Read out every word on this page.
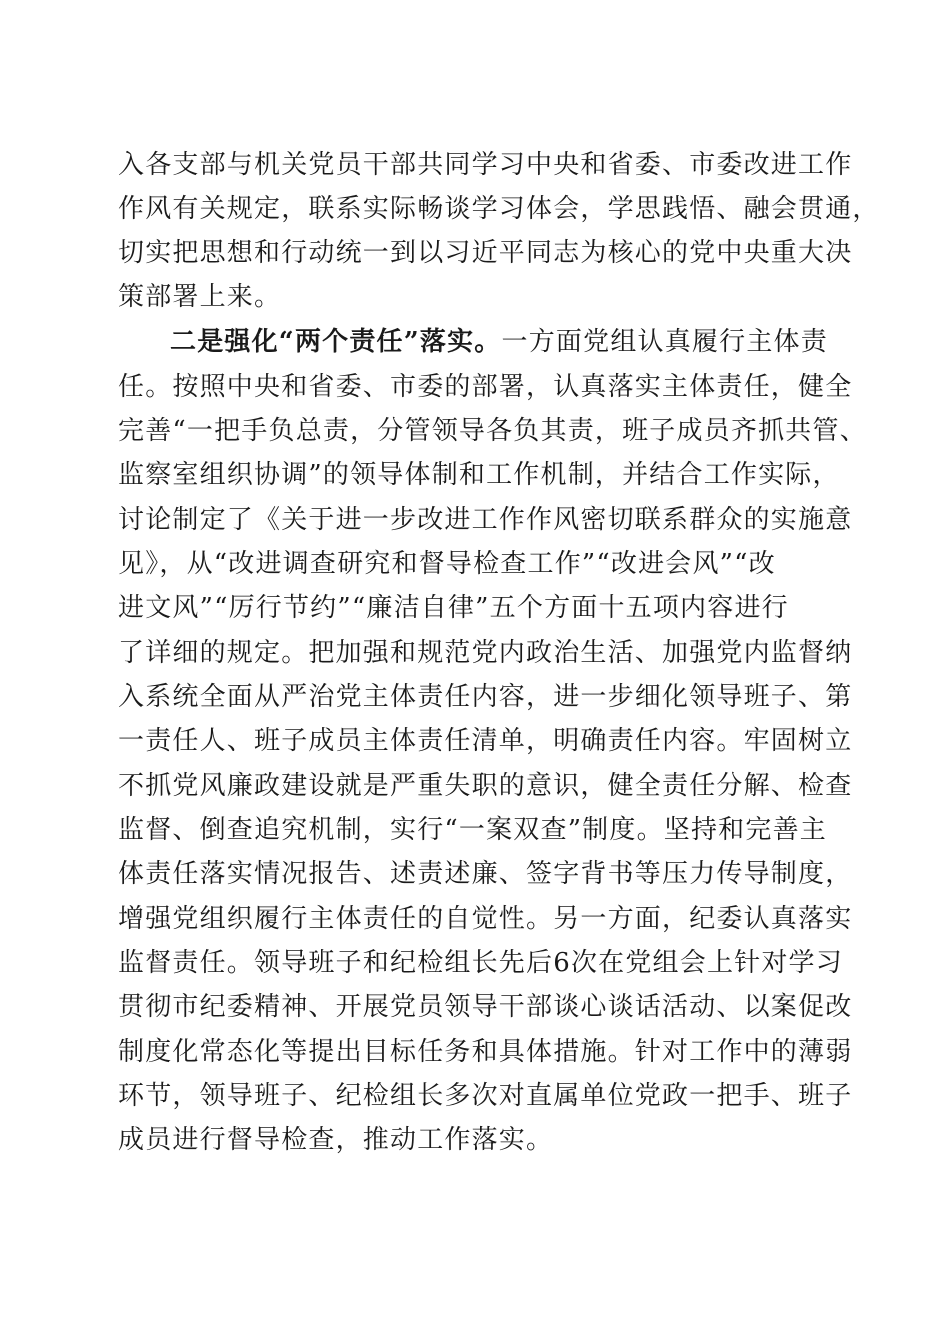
入各支部与机关党员干部共同学习中央和省委、市委改进工作
作风有关规定，联系实际畅谈学习体会，学思践悟、融会贯通，
切实把思想和行动统一到以习近平同志为核心的党中央重大决
策部署上来。
二是强化“两个责任”落实。一方面党组认真履行主体责
任。按照中央和省委、市委的部署，认真落实主体责任，健全
完善“一把手负总责，分管领导各负其责，班子成员齐抓共管、
监察室组织协调”的领导体制和工作机制，并结合工作实际，
讨论制定了《关于进一步改进工作作风密切联系群众的实施意
见》，从“改进调查研究和督导检查工作”“改进会风”“改
进文风”“厉行节约”“廉洁自律”五个方面十五项内容进行
了详细的规定。把加强和规范党内政治生活、加强党内监督纳
入系统全面从严治党主体责任内容，进一步细化领导班子、第
一责任人、班子成员主体责任清单，明确责任内容。牢固树立
不抓党风廉政建设就是严重失职的意识，健全责任分解、检查
监督、倒查追究机制，实行“一案双查”制度。坚持和完善主
体责任落实情况报告、述责述廉、签字背书等压力传导制度，
增强党组织履行主体责任的自觉性。另一方面，纪委认真落实
监督责任。领导班子和纪检组长先后6次在党组会上针对学习
贯彻市纪委精神、开展党员领导干部谈心谈话活动、以案促改
制度化常态化等提出目标任务和具体措施。针对工作中的薄弱
环节，领导班子、纪检组长多次对直属单位党政一把手、班子
成员进行督导检查，推动工作落实。
